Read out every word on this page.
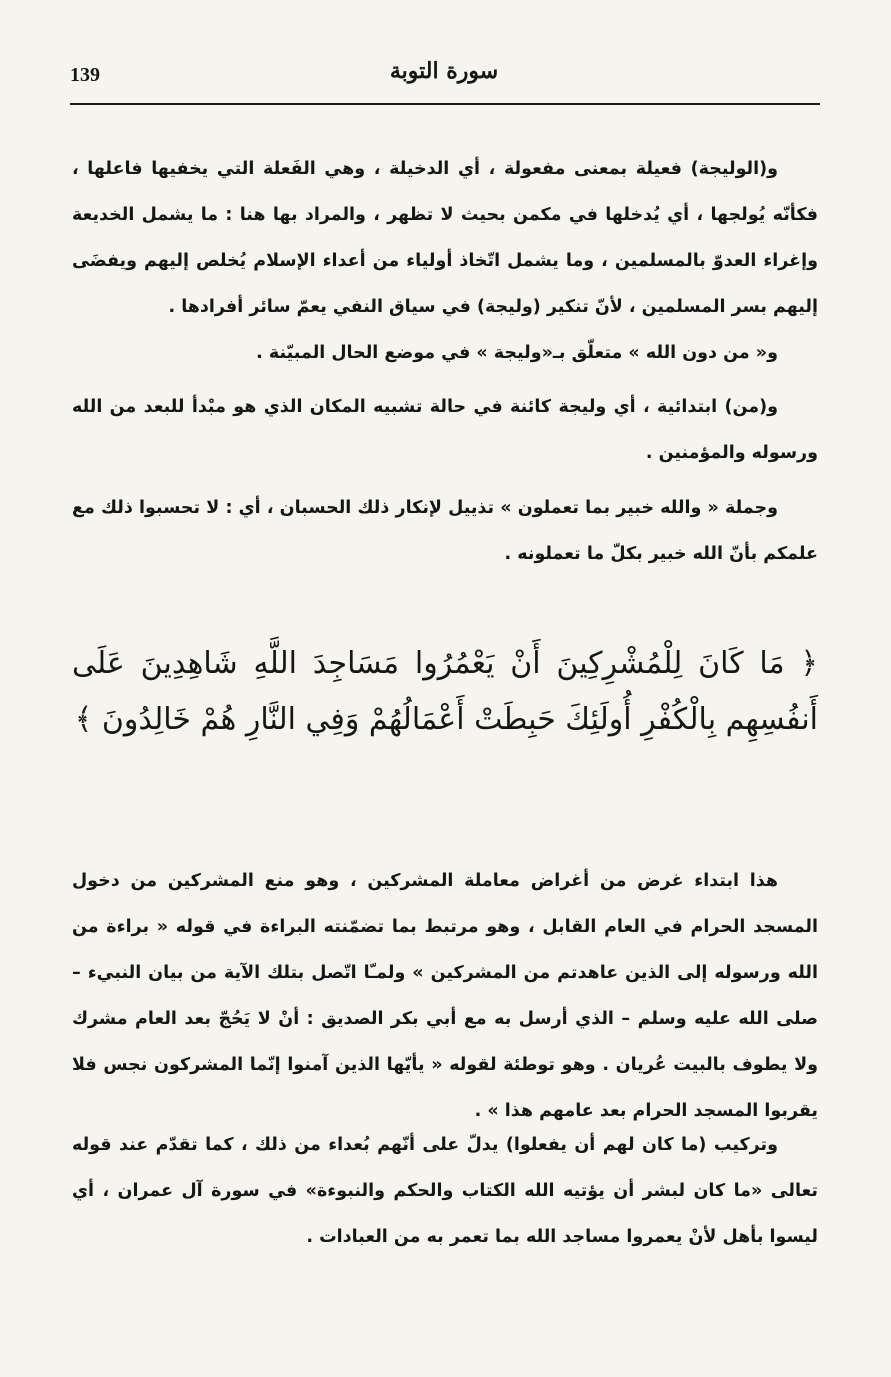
139	سورة التوبة

و(الوليجة) فعيلة بمعنى مفعولة ، أي الدخيلة ، وهي الفَعلة التي يخفيها فاعلها ، فكأنّه يُولجها ، أي يُدخلها في مكمن بحيث لا تظهر ، والمراد بها هنا : ما يشمل الخديعة وإغراء العدوّ بالمسلمين ، وما يشمل اتّخاذ أولياء من أعداء الإسلام يُخلص إليهم ويفضَى إليهم بسر المسلمين ، لأنّ تنكير (وليجة) في سياق النفي يعمّ سائر أفرادها .

و« من دون الله » متعلّق بـ«وليجة » في موضع الحال المبيّنة .

و(من) ابتدائية ، أي وليجة كائنة في حالة تشبيه المكان الذي هو مبْدأ للبعد من الله ورسوله والمؤمنين .

وجملة « والله خبير بما تعملون » تذييل لإنكار ذلك الحسبان ، أي : لا تحسبوا ذلك مع علمكم بأنّ الله خبير بكلّ ما تعملونه .

﴿ مَا كَانَ لِلْمُشْرِكِينَ أَنْ يَعْمُرُوا مَسَاجِدَ اللَّهِ شَاهِدِينَ عَلَى أَنفُسِهِم بِالْكُفْرِ أُولَئِكَ حَبِطَتْ أَعْمَالُهُمْ وَفِي النَّارِ هُمْ خَالِدُونَ ﴾

هذا ابتداء غرض من أغراض معاملة المشركين ، وهو منع المشركين من دخول المسجد الحرام في العام القابل ، وهو مرتبط بما تضمّنته البراءة في قوله « براءة من الله ورسوله إلى الذين عاهدتم من المشركين » ولمـّا اتّصل بتلك الآية من بيان النبيء – صلى الله عليه وسلم – الذي أرسل به مع أبي بكر الصديق : أنْ لا يَحُجّ بعد العام مشرك ولا يطوف بالبيت عُريان . وهو توطئة لقوله « يأيّها الذين آمنوا إنّما المشركون نجس فلا يقربوا المسجد الحرام بعد عامهم هذا » .

وتركيب (ما كان لهم أن يفعلوا) يدلّ على أنّهم بُعداء من ذلك ، كما تقدّم عند قوله تعالى «ما كان لبشر أن يؤتيه الله الكتاب والحكم والنبوءة» في سورة آل عمران ، أي ليسوا بأهل لأنْ يعمروا مساجد الله بما تعمر به من العبادات .
